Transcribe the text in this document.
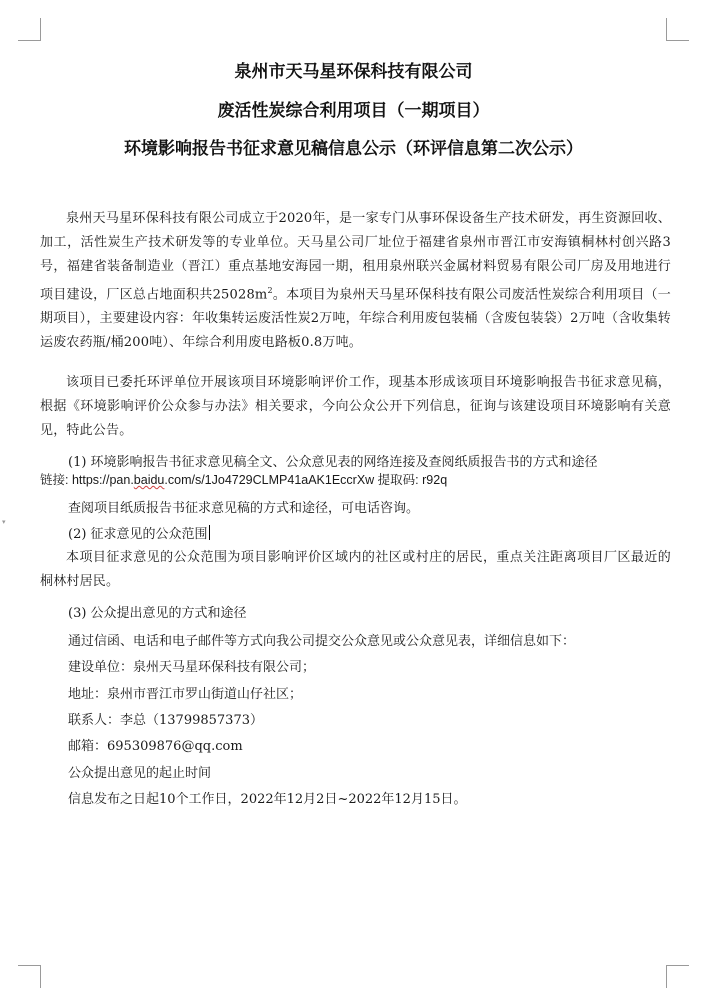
▾
泉州市天马星环保科技有限公司
废活性炭综合利用项目（一期项目）
环境影响报告书征求意见稿信息公示（环评信息第二次公示）

泉州天马星环保科技有限公司成立于2020年，是一家专门从事环保设备生产技术研发，再生资源回收、加工，活性炭生产技术研发等的专业单位。天马星公司厂址位于福建省泉州市晋江市安海镇桐林村创兴路3号，福建省装备制造业（晋江）重点基地安海园一期，租用泉州联兴金属材料贸易有限公司厂房及用地进行项目建设，厂区总占地面积共$25028m^2$。本项目为泉州天马星环保科技有限公司废活性炭综合利用项目（一期项目），主要建设内容：年收集转运废活性炭2万吨，年综合利用废包装桶（含废包装袋）2万吨（含收集转运废农药瓶/桶200吨）、年综合利用废电路板0.8万吨。

该项目已委托环评单位开展该项目环境影响评价工作，现基本形成该项目环境影响报告书征求意见稿，根据《环境影响评价公众参与办法》相关要求，今向公众公开下列信息，征询与该建设项目环境影响有关意见，特此公告。

(1) 环境影响报告书征求意见稿全文、公众意见表的网络连接及查阅纸质报告书的方式和途径
链接: https://pan.baidu.com/s/1Jo4729CLMP41aAK1EccrXw 提取码: r92q
查阅项目纸质报告书征求意见稿的方式和途径，可电话咨询。
(2) 征求意见的公众范围

本项目征求意见的公众范围为项目影响评价区域内的社区或村庄的居民，重点关注距离项目厂区最近的桐林村居民。

(3) 公众提出意见的方式和途径
通过信函、电话和电子邮件等方式向我公司提交公众意见或公众意见表，详细信息如下：
建设单位：泉州天马星环保科技有限公司；
地址：泉州市晋江市罗山街道山仔社区；
联系人：李总（13799857373）
邮箱：695309876@qq.com
公众提出意见的起止时间
信息发布之日起10个工作日，2022年12月2日~2022年12月15日。
